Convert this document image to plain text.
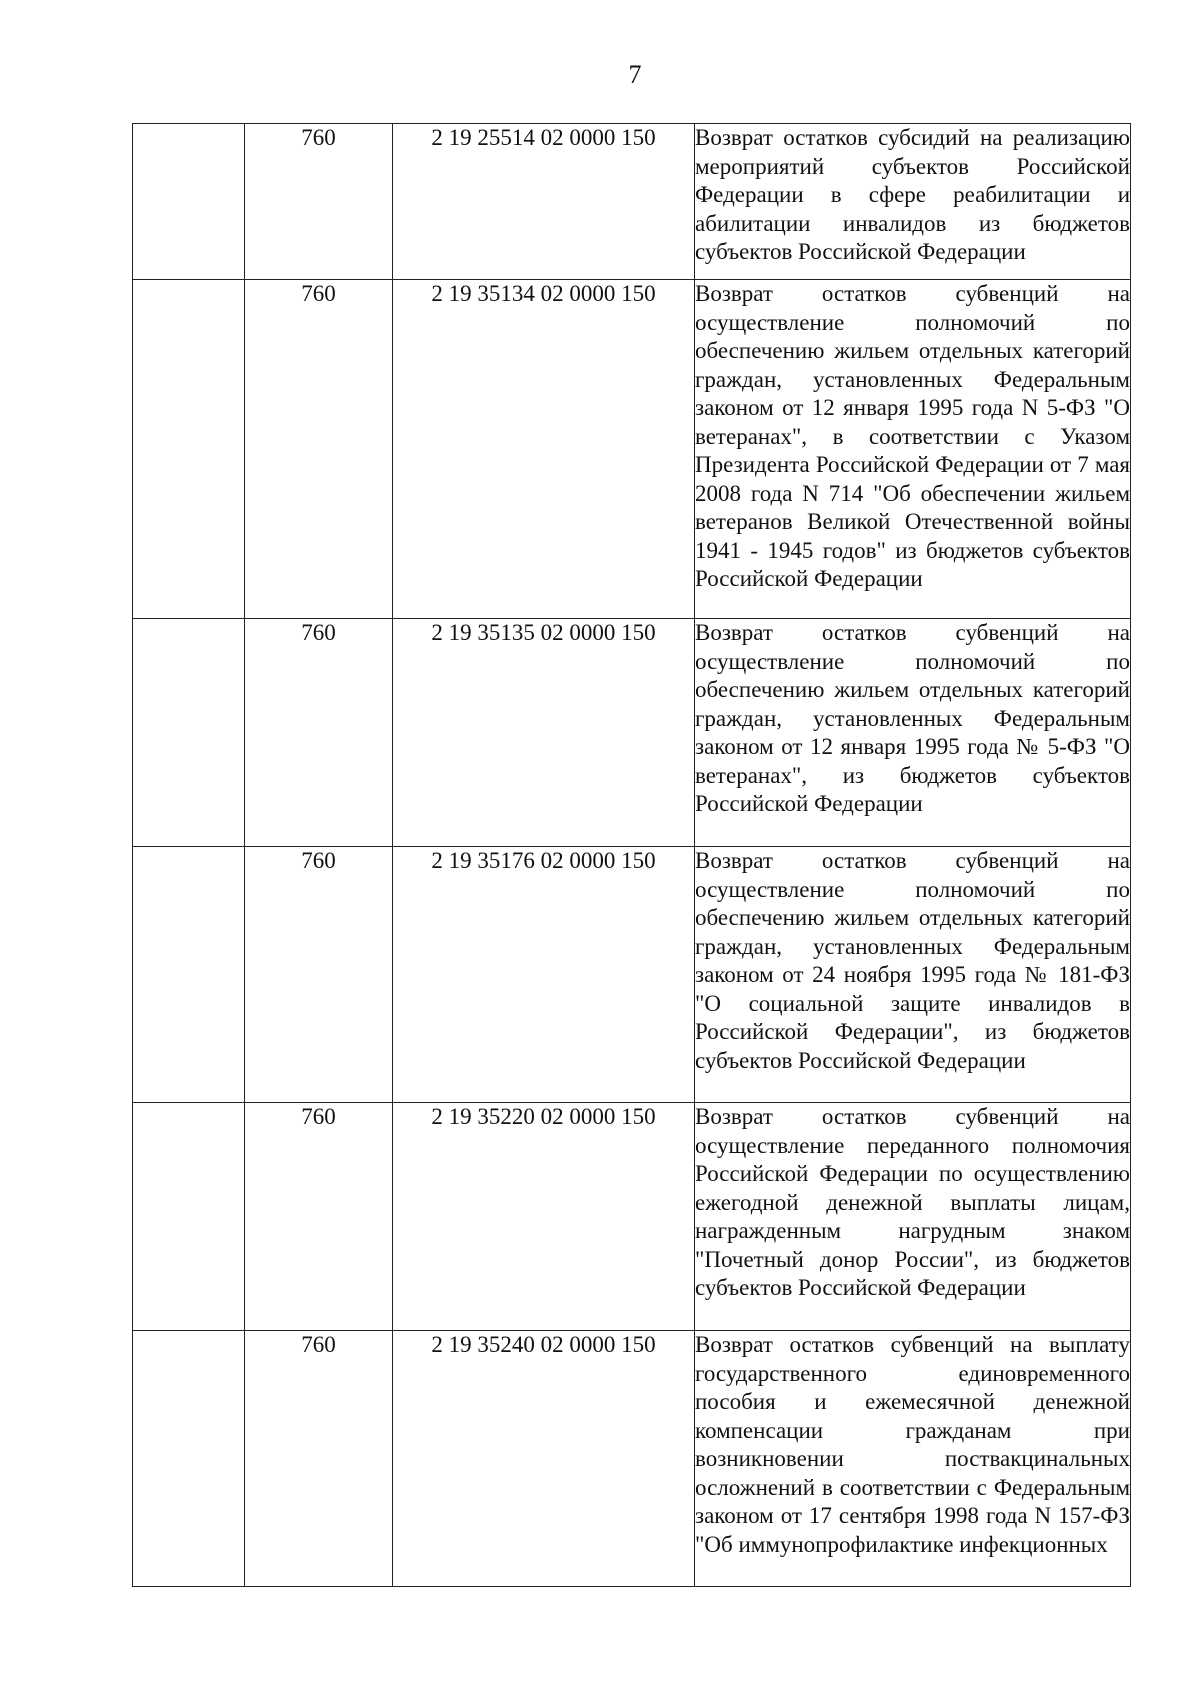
7
	760	2 19 25514 02 0000 150	Возврат остатков субсидий на реализацию мероприятий субъектов Российской Федерации в сфере реабилитации и абилитации инвалидов из бюджетов субъектов Российской Федерации
	760	2 19 35134 02 0000 150	Возврат остатков субвенций на осуществление полномочий по обеспечению жильем отдельных категорий граждан, установленных Федеральным законом от 12 января 1995 года N 5-ФЗ "О ветеранах", в соответствии с Указом Президента Российской Федерации от 7 мая 2008 года N 714 "Об обеспечении жильем ветеранов Великой Отечественной войны 1941 - 1945 годов" из бюджетов субъектов Российской Федерации
	760	2 19 35135 02 0000 150	Возврат остатков субвенций на осуществление полномочий по обеспечению жильем отдельных категорий граждан, установленных Федеральным законом от 12 января 1995 года № 5-ФЗ "О ветеранах", из бюджетов субъектов Российской Федерации
	760	2 19 35176 02 0000 150	Возврат остатков субвенций на осуществление полномочий по обеспечению жильем отдельных категорий граждан, установленных Федеральным законом от 24 ноября 1995 года № 181-ФЗ "О социальной защите инвалидов в Российской Федерации", из бюджетов субъектов Российской Федерации
	760	2 19 35220 02 0000 150	Возврат остатков субвенций на осуществление переданного полномочия Российской Федерации по осуществлению ежегодной денежной выплаты лицам, награжденным нагрудным знаком "Почетный донор России", из бюджетов субъектов Российской Федерации
	760	2 19 35240 02 0000 150	Возврат остатков субвенций на выплату государственного единовременного пособия и ежемесячной денежной компенсации гражданам при возникновении поствакцинальных осложнений в соответствии с Федеральным законом от 17 сентября 1998 года N 157-ФЗ "Об иммунопрофилактике инфекционных
